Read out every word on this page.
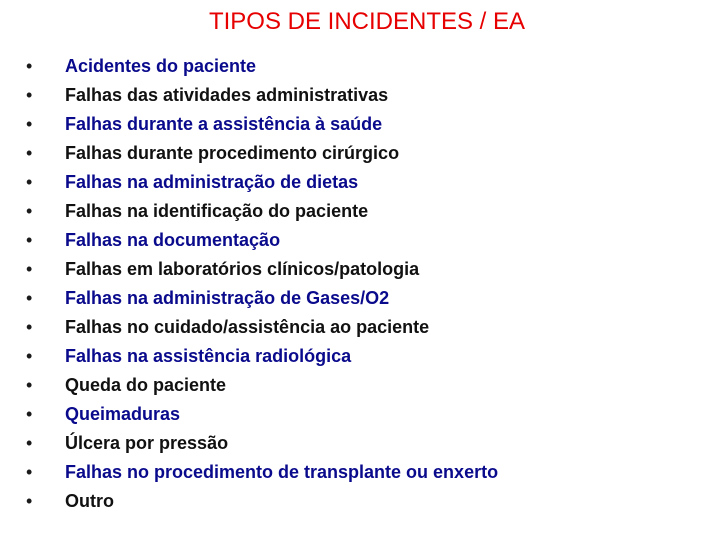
TIPOS DE INCIDENTES / EA
•	Acidentes do paciente
•	Falhas das atividades administrativas
•	Falhas durante a assistência à saúde
•	Falhas durante procedimento cirúrgico
•	Falhas na administração de dietas
•	Falhas na identificação do paciente
•	Falhas na documentação
•	Falhas em laboratórios clínicos/patologia
•	Falhas na administração de Gases/O2
•	Falhas no cuidado/assistência ao paciente
•	Falhas na assistência radiológica
•	Queda do paciente
•	Queimaduras
•	Úlcera por pressão
•	Falhas no procedimento de transplante ou enxerto
•	Outro
